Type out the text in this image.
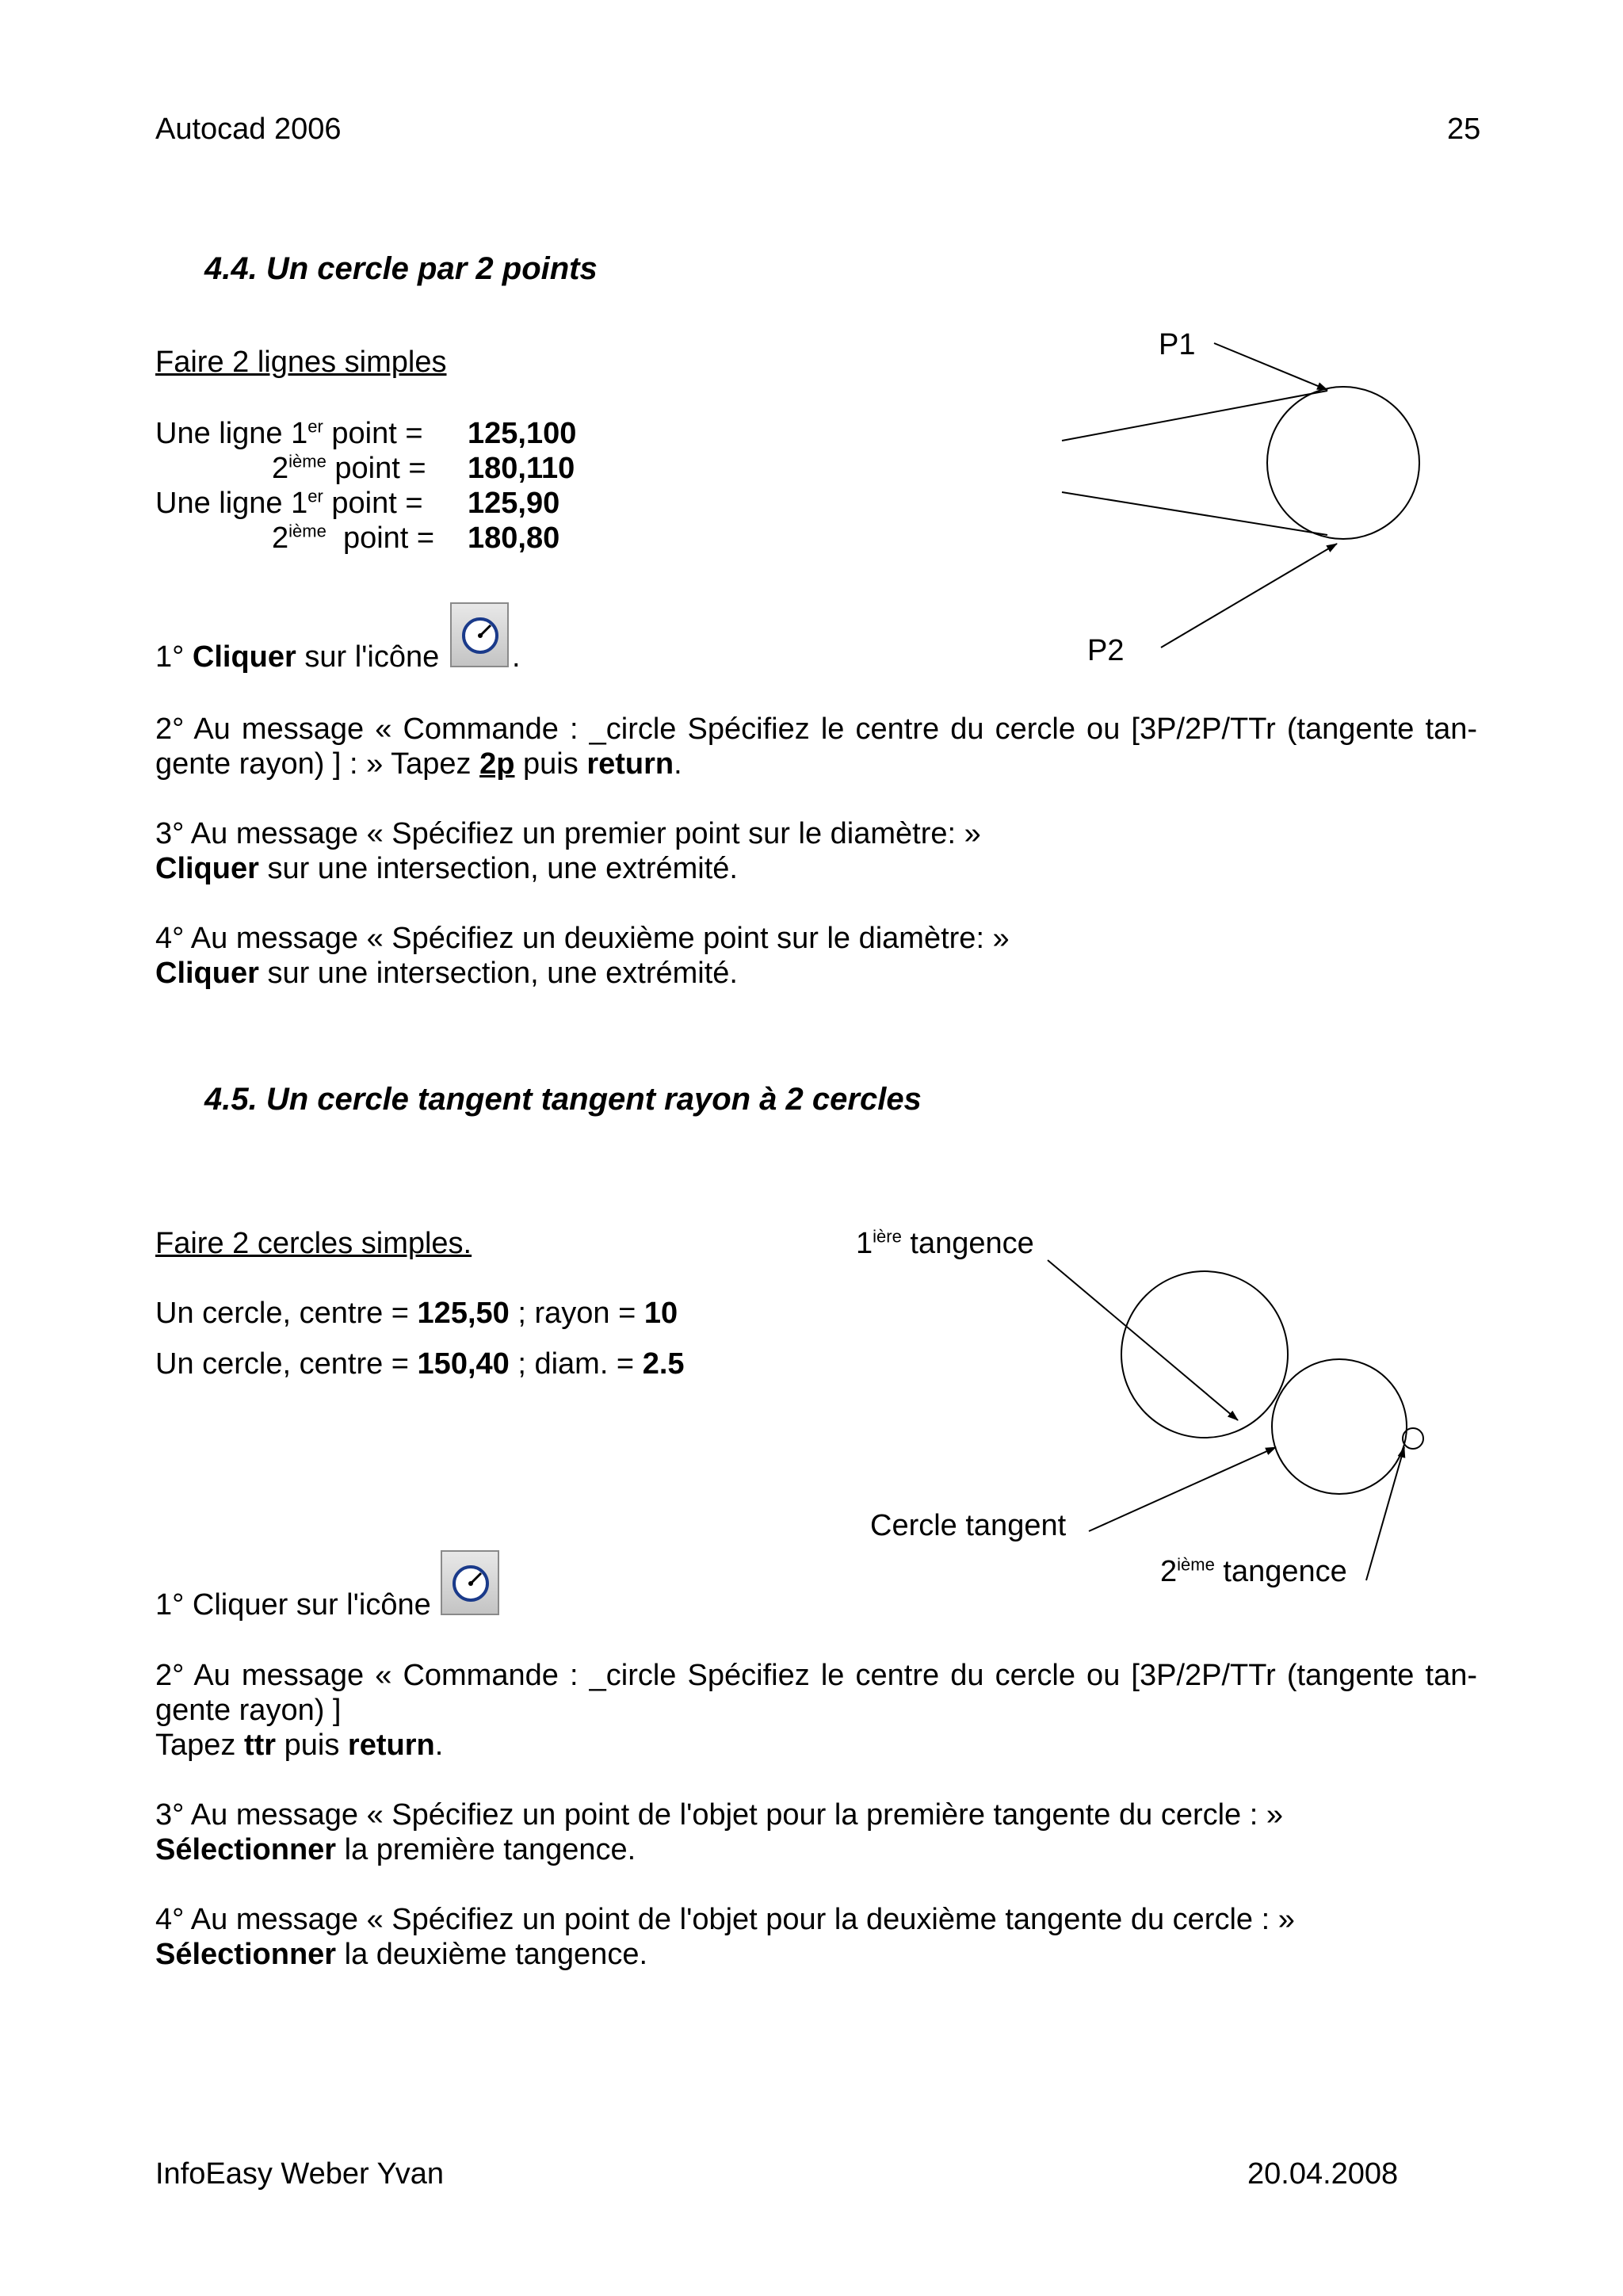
Autocad 2006	25
4.4. Un cercle par 2 points
Faire 2 lignes simples
Une ligne 1er point = 125,100
2ième point = 180,110
Une ligne 1er point = 125,90
2ième  point = 180,80
P1
P2
1° Cliquer sur l'icône .
2° Au message « Commande : _circle Spécifiez le centre du cercle ou [3P/2P/TTr (tangente tan-gente rayon) ] : » Tapez 2p puis return.
3° Au message « Spécifiez un premier point sur le diamètre: »
Cliquer sur une intersection, une extrémité.
4° Au message « Spécifiez un deuxième point sur le diamètre: »
Cliquer sur une intersection, une extrémité.
4.5. Un cercle tangent tangent rayon à 2 cercles
Faire 2 cercles simples.
Un cercle, centre = 125,50 ; rayon = 10
Un cercle, centre = 150,40 ; diam. = 2.5
$1^{ière}$ tangence
Cercle tangent
2ième tangence
1° Cliquer sur l'icône
2° Au message « Commande : _circle Spécifiez le centre du cercle ou [3P/2P/TTr (tangente tan-gente rayon) ]
Tapez ttr puis return.
3° Au message « Spécifiez un point de l'objet pour la première tangente du cercle : »
Sélectionner la première tangence.
4° Au message « Spécifiez un point de l'objet pour la deuxième tangente du cercle : »
Sélectionner la deuxième tangence.
InfoEasy Weber Yvan	20.04.2008
